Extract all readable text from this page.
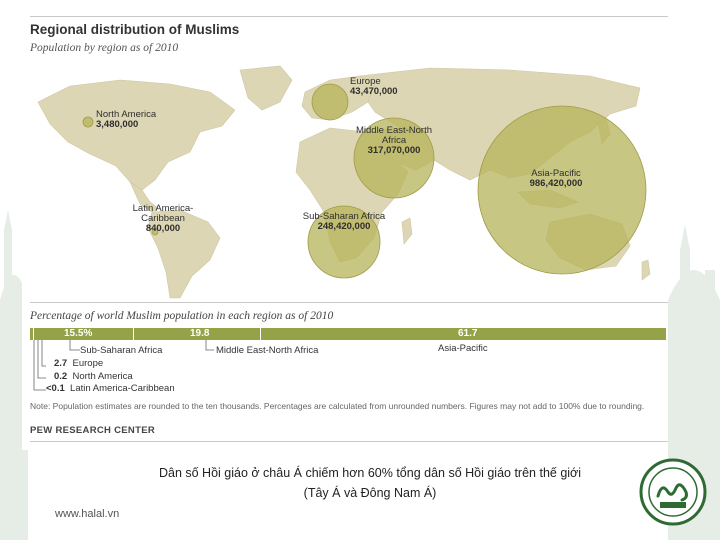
Regional distribution of Muslims
Population by region as of 2010
Europe
43,470,000
North America
3,480,000
Middle East-North Africa
317,070,000
Asia-Pacific
986,420,000
Latin America-Caribbean
840,000
Sub-Saharan Africa
248,420,000
Percentage of world Muslim population in each region as of 2010
15.5%	19.8	61.7
Sub-Saharan Africa	Middle East-North Africa	Asia-Pacific
2.7 Europe
0.2 North America
<0.1 Latin America-Caribbean
Note: Population estimates are rounded to the ten thousands. Percentages are calculated from unrounded numbers. Figures may not add to 100% due to rounding.
PEW RESEARCH CENTER
Dân số Hồi giáo ở châu Á chiếm hơn 60% tổng dân số Hồi giáo trên thế giới
(Tây Á và Đông Nam Á)
www.halal.vn
